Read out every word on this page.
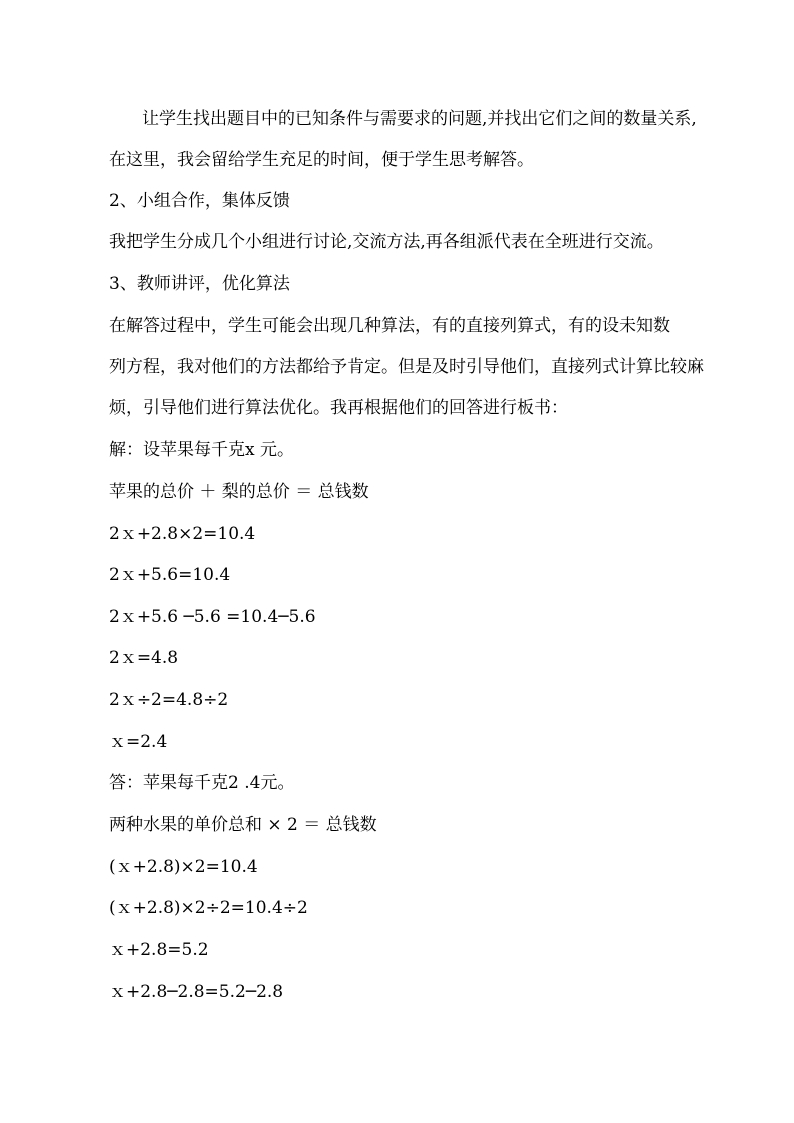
让学生找出题目中的已知条件与需要求的问题,并找出它们之间的数量关系,
在这里，我会留给学生充足的时间，便于学生思考解答。
2、小组合作，集体反馈
我把学生分成几个小组进行讨论,交流方法,再各组派代表在全班进行交流。
3、教师讲评，优化算法
在解答过程中，学生可能会出现几种算法，有的直接列算式，有的设未知数
列方程，我对他们的方法都给予肯定。但是及时引导他们，直接列式计算比较麻
烦，引导他们进行算法优化。我再根据他们的回答进行板书：
解：设苹果每千克x 元。
苹果的总价 ＋ 梨的总价 ＝ 总钱数
2ｘ+2.8×2=10.4
2ｘ+5.6=10.4
2ｘ+5.6 ─5.6 =10.4─5.6
2ｘ=4.8
2ｘ÷2=4.8÷2
ｘ=2.4
答：苹果每千克2 .4元。
两种水果的单价总和 × 2 ＝ 总钱数
(ｘ+2.8)×2=10.4
(ｘ+2.8)×2÷2=10.4÷2
ｘ+2.8=5.2
ｘ+2.8─2.8=5.2─2.8
